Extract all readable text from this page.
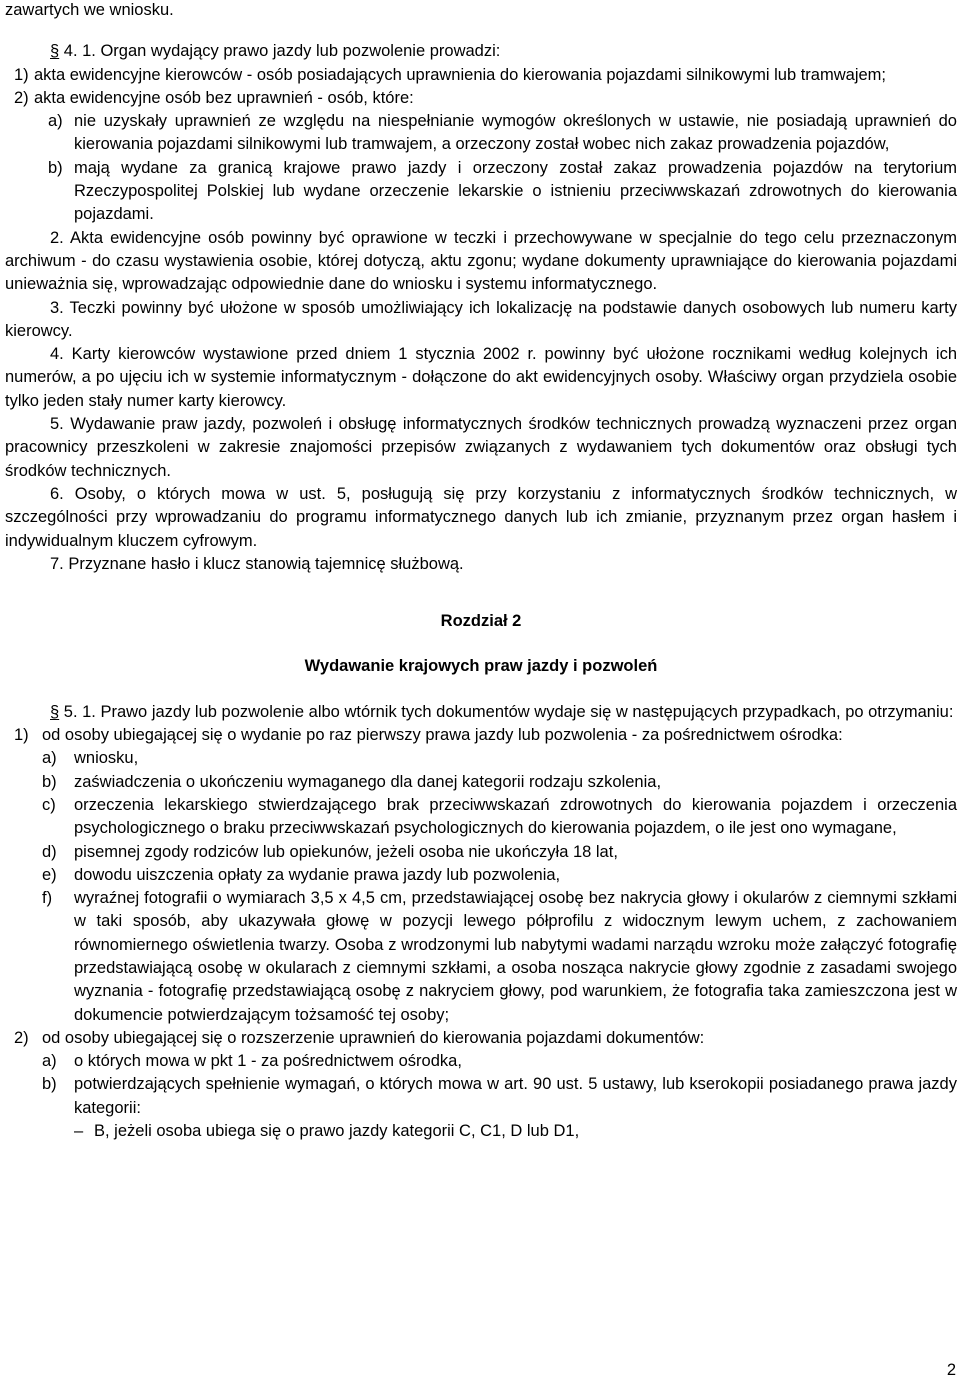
zawartych we wniosku.

§ 4. 1. Organ wydający prawo jazdy lub pozwolenie prowadzi:

1) akta ewidencyjne kierowców - osób posiadających uprawnienia do kierowania pojazdami silnikowymi lub tramwajem;
2) akta ewidencyjne osób bez uprawnień - osób, które:
a) nie uzyskały uprawnień ze względu na niespełnianie wymogów określonych w ustawie, nie posiadają uprawnień do kierowania pojazdami silnikowymi lub tramwajem, a orzeczony został wobec nich zakaz prowadzenia pojazdów,
b) mają wydane za granicą krajowe prawo jazdy i orzeczony został zakaz prowadzenia pojazdów na terytorium Rzeczypospolitej Polskiej lub wydane orzeczenie lekarskie o istnieniu przeciwwskazań zdrowotnych do kierowania pojazdami.

2. Akta ewidencyjne osób powinny być oprawione w teczki i przechowywane w specjalnie do tego celu przeznaczonym archiwum - do czasu wystawienia osobie, której dotyczą, aktu zgonu; wydane dokumenty uprawniające do kierowania pojazdami unieważnia się, wprowadzając odpowiednie dane do wniosku i systemu informatycznego.

3. Teczki powinny być ułożone w sposób umożliwiający ich lokalizację na podstawie danych osobowych lub numeru karty kierowcy.

4. Karty kierowców wystawione przed dniem 1 stycznia 2002 r. powinny być ułożone rocznikami według kolejnych ich numerów, a po ujęciu ich w systemie informatycznym - dołączone do akt ewidencyjnych osoby. Właściwy organ przydziela osobie tylko jeden stały numer karty kierowcy.

5. Wydawanie praw jazdy, pozwoleń i obsługę informatycznych środków technicznych prowadzą wyznaczeni przez organ pracownicy przeszkoleni w zakresie znajomości przepisów związanych z wydawaniem tych dokumentów oraz obsługi tych środków technicznych.

6. Osoby, o których mowa w ust. 5, posługują się przy korzystaniu z informatycznych środków technicznych, w szczególności przy wprowadzaniu do programu informatycznego danych lub ich zmianie, przyznanym przez organ hasłem i indywidualnym kluczem cyfrowym.

7. Przyznane hasło i klucz stanowią tajemnicę służbową.

Rozdział 2

Wydawanie krajowych praw jazdy i pozwoleń

§ 5. 1. Prawo jazdy lub pozwolenie albo wtórnik tych dokumentów wydaje się w następujących przypadkach, po otrzymaniu:

1) od osoby ubiegającej się o wydanie po raz pierwszy prawa jazdy lub pozwolenia - za pośrednictwem ośrodka:
a) wniosku,
b) zaświadczenia o ukończeniu wymaganego dla danej kategorii rodzaju szkolenia,
c) orzeczenia lekarskiego stwierdzającego brak przeciwwskazań zdrowotnych do kierowania pojazdem i orzeczenia psychologicznego o braku przeciwwskazań psychologicznych do kierowania pojazdem, o ile jest ono wymagane,
d) pisemnej zgody rodziców lub opiekunów, jeżeli osoba nie ukończyła 18 lat,
e) dowodu uiszczenia opłaty za wydanie prawa jazdy lub pozwolenia,
f) wyraźnej fotografii o wymiarach 3,5 x 4,5 cm, przedstawiającej osobę bez nakrycia głowy i okularów z ciemnymi szkłami w taki sposób, aby ukazywała głowę w pozycji lewego półprofilu z widocznym lewym uchem, z zachowaniem równomiernego oświetlenia twarzy. Osoba z wrodzonymi lub nabytymi wadami narządu wzroku może załączyć fotografię przedstawiającą osobę w okularach z ciemnymi szkłami, a osoba nosząca nakrycie głowy zgodnie z zasadami swojego wyznania - fotografię przedstawiającą osobę z nakryciem głowy, pod warunkiem, że fotografia taka zamieszczona jest w dokumencie potwierdzającym tożsamość tej osoby;
2) od osoby ubiegającej się o rozszerzenie uprawnień do kierowania pojazdami dokumentów:
a) o których mowa w pkt 1 - za pośrednictwem ośrodka,
b) potwierdzających spełnienie wymagań, o których mowa w art. 90 ust. 5 ustawy, lub kserokopii posiadanego prawa jazdy kategorii:
– B, jeżeli osoba ubiega się o prawo jazdy kategorii C, C1, D lub D1,
2
